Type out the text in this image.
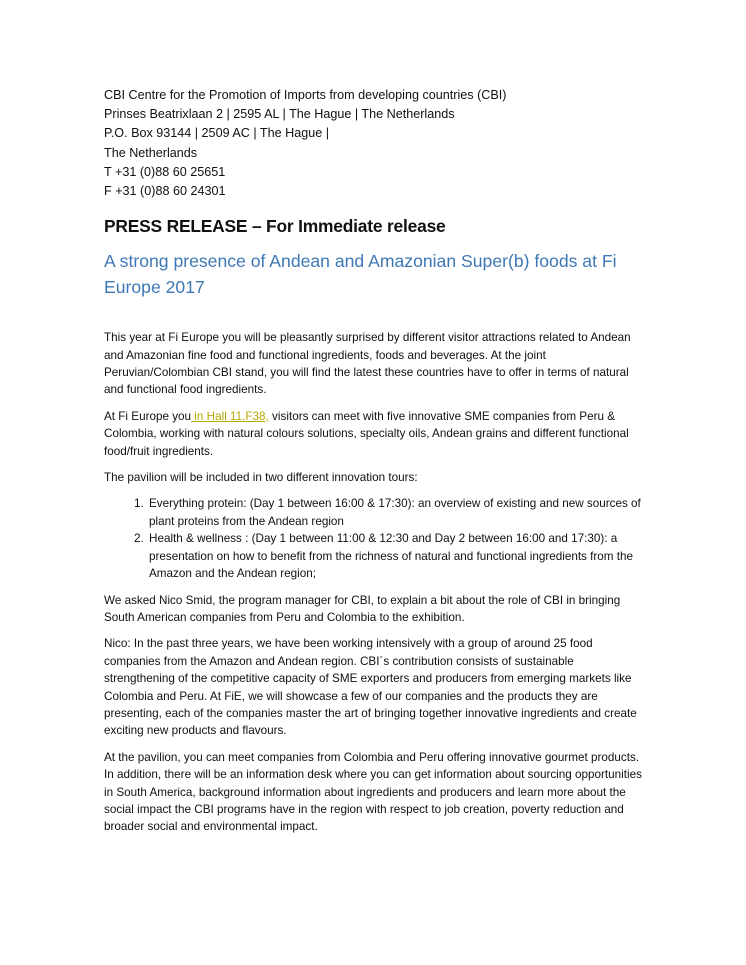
CBI Centre for the Promotion of Imports from developing countries (CBI)

Prinses Beatrixlaan 2 | 2595 AL | The Hague | The Netherlands

P.O. Box 93144 | 2509 AC | The Hague |

The Netherlands

T +31 (0)88 60 25651

F +31 (0)88 60 24301

PRESS RELEASE – For Immediate release
A strong presence of Andean and Amazonian Super(b) foods at Fi Europe 2017

This year at Fi Europe you will be pleasantly surprised by different visitor attractions related to Andean and Amazonian fine food and functional ingredients, foods and beverages. At the joint Peruvian/Colombian CBI stand, you will find the latest these countries have to offer in terms of natural and functional food ingredients.

At Fi Europe you in Hall 11.F38, visitors can meet with five innovative SME companies from Peru & Colombia, working with natural colours solutions, specialty oils, Andean grains and different functional food/fruit ingredients.

The pavilion will be included in two different innovation tours:

1. Everything protein: (Day 1 between 16:00 & 17:30): an overview of existing and new sources of plant proteins from the Andean region
2. Health & wellness : (Day 1 between 11:00 & 12:30 and Day 2 between 16:00 and 17:30): a presentation on how to benefit from the richness of natural and functional ingredients from the Amazon and the Andean region;

We asked Nico Smid, the program manager for CBI, to explain a bit about the role of CBI in bringing South American companies from Peru and Colombia to the exhibition.

Nico: In the past three years, we have been working intensively with a group of around 25 food companies from the Amazon and Andean region. CBI´s contribution consists of sustainable strengthening of the competitive capacity of SME exporters and producers from emerging markets like Colombia and Peru. At FiE, we will showcase a few of our companies and the products they are presenting, each of the companies master the art of bringing together innovative ingredients and create exciting new products and flavours.

At the pavilion, you can meet companies from Colombia and Peru offering innovative gourmet products. In addition, there will be an information desk where you can get information about sourcing opportunities in South America, background information about ingredients and producers and learn more about the social impact the CBI programs have in the region with respect to job creation, poverty reduction and broader social and environmental impact.
